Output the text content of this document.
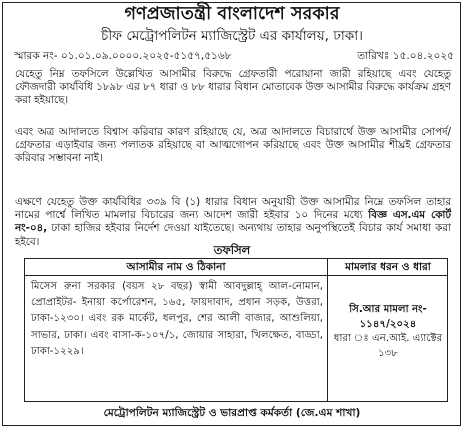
গণপ্রজাতন্ত্রী বাংলাদেশ সরকার
চীফ মেট্রোপলিটন ম্যাজিস্ট্রেট এর কার্যালয়, ঢাকা।
স্মারক নং- ০১.০১.০৯.০০০০.২০২৫-৫১৫৭,৫১৬৮	তারিখঃ ১৫.০৪.২০২৫

যেহেতু নিম্ন তফসিলে উল্লেখিত আসামীর বিরুদ্ধে গ্রেফতারী পরোয়ানা জারী রহিয়াছে এবং যেহেতু ফৌজদারী কার্যবিধি ১৮৯৮ এর ৮৭ ধারা ও ৮৮ ধারার বিধান মোতাবেক উক্ত আসামীর বিরুদ্ধে কার্যক্রম গ্রহণ করা হইয়াছে।

এবং অত্র আদালতে বিশ্বাস করিবার কারণ রহিয়াছে যে, অত্র আদালতে বিচারার্থে উক্ত আসামীর সোপর্দ/গ্রেফতার এড়াইবার জন্য পলাতক রহিয়াছে বা আত্মগোপন করিয়াছে এবং উক্ত আসামীর শীঘ্রই গ্রেফতার করিবার সম্ভাবনা নাই।

এক্ষণে যেহেতু উক্ত কার্যবিধির ৩৩৯ বি (১) ধারার বিধান অনুযায়ী উক্ত আসামীর নিম্নে তফসিল তাহার নামের পার্শ্বে লিখিত মামলার বিচারের জন্য আদেশ জারী হইবার ১০ দিনের মধ্যে বিজ্ঞ এস.এম কোর্ট নং-০৪, ঢাকা হাজির হইবার নির্দেশ দেওয়া যাইতেছে। অন্যথায় তাহার অনুপস্থিতেই বিচার কার্য সমাধা করা হইবে।

তফসিল
আসামীর নাম ও ঠিকানা	মামলার ধরন ও ধারা

মিসেস রুনা সরকার (বয়স ২৮ বছর) স্বামী আবদুল্লাহ্ আল-নোমান, প্রোপ্রাইটর- ইনায়া কর্পোরেশন, ১৬৫, ফায়দাবাদ, প্রধান সড়ক, উত্তরা, ঢাকা-১২৩০। এবং রক মার্কেট, ধলপুর, শের আলী বাজার, আশুলিয়া, সাভার, ঢাকা। এবং বাসা-ক-১০৭/১, জোয়ার সাহারা, খিলক্ষেত, বাড্ডা, ঢাকা-১২২৯।

সি.আর মামলা নং- ১১৪৭/২০২৪
ধারা ঃ এন.আই. এ্যাক্টের ১৩৮
মেট্রোপলিটন ম্যাজিস্ট্রেট ও ভারপ্রাপ্ত কর্মকর্তা (জে.এম শাখা)
